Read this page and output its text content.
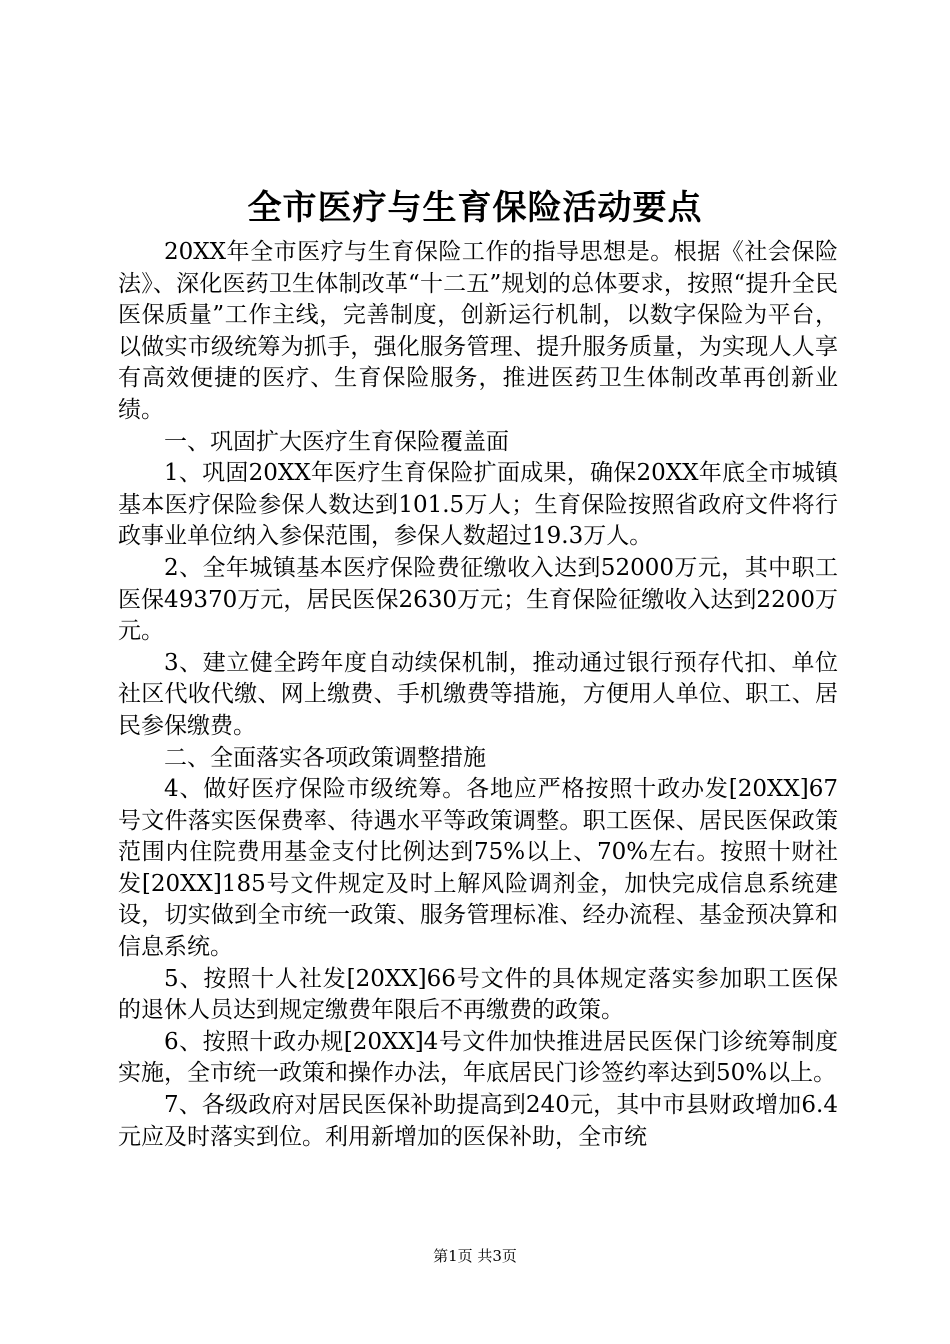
全市医疗与生育保险活动要点

20XX年全市医疗与生育保险工作的指导思想是。根据《社会保险法》、深化医药卫生体制改革“十二五”规划的总体要求，按照“提升全民医保质量”工作主线，完善制度，创新运行机制，以数字保险为平台，以做实市级统筹为抓手，强化服务管理、提升服务质量，为实现人人享有高效便捷的医疗、生育保险服务，推进医药卫生体制改革再创新业绩。

一、巩固扩大医疗生育保险覆盖面

1、巩固20XX年医疗生育保险扩面成果，确保20XX年底全市城镇基本医疗保险参保人数达到101.5万人；生育保险按照省政府文件将行政事业单位纳入参保范围，参保人数超过19.3万人。

2、全年城镇基本医疗保险费征缴收入达到52000万元，其中职工医保49370万元，居民医保2630万元；生育保险征缴收入达到2200万元。

3、建立健全跨年度自动续保机制，推动通过银行预存代扣、单位社区代收代缴、网上缴费、手机缴费等措施，方便用人单位、职工、居民参保缴费。

二、全面落实各项政策调整措施

4、做好医疗保险市级统筹。各地应严格按照十政办发[20XX]67号文件落实医保费率、待遇水平等政策调整。职工医保、居民医保政策范围内住院费用基金支付比例达到75%以上、70%左右。按照十财社发[20XX]185号文件规定及时上解风险调剂金，加快完成信息系统建设，切实做到全市统一政策、服务管理标准、经办流程、基金预决算和信息系统。

5、按照十人社发[20XX]66号文件的具体规定落实参加职工医保的退休人员达到规定缴费年限后不再缴费的政策。

6、按照十政办规[20XX]4号文件加快推进居民医保门诊统筹制度实施，全市统一政策和操作办法，年底居民门诊签约率达到50%以上。

7、各级政府对居民医保补助提高到240元，其中市县财政增加6.4元应及时落实到位。利用新增加的医保补助，全市统

第1页 共3页
